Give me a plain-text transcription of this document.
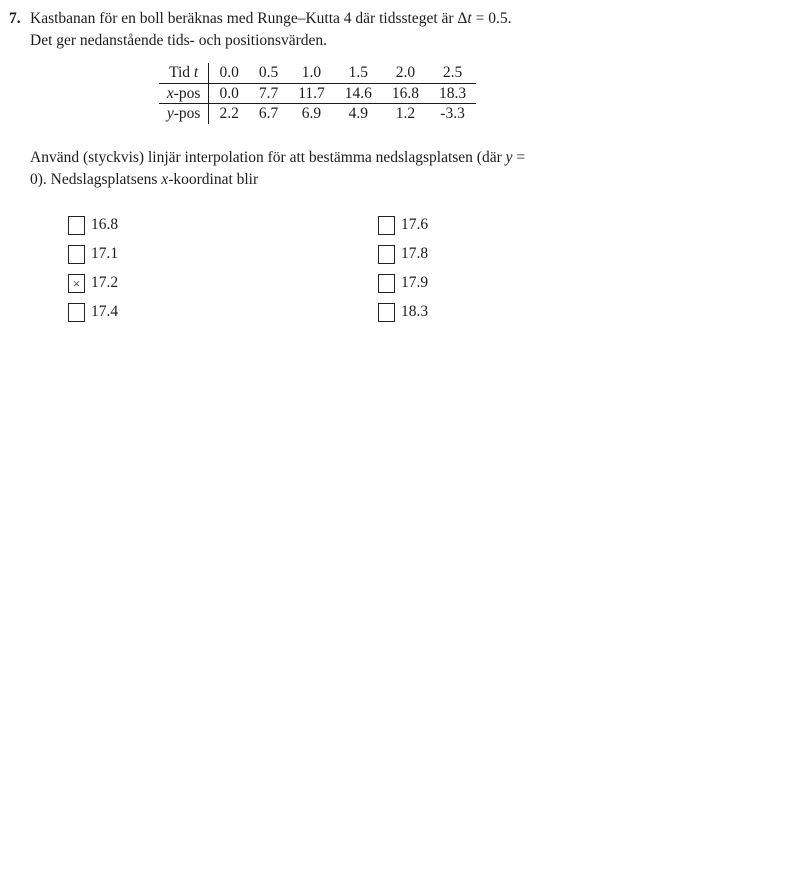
7. Kastbanan för en boll beräknas med Runge–Kutta 4 där tidssteget är Δt = 0.5.
Det ger nedanstående tids- och positionsvärden.
Tid t	0.0	0.5	1.0	1.5	2.0	2.5
x-pos	0.0	7.7	11.7	14.6	16.8	18.3
y-pos	2.2	6.7	6.9	4.9	1.2	-3.3
Använd (styckvis) linjär interpolation för att bestämma nedslagsplatsen (där y =
0). Nedslagsplatsens x-koordinat blir
16.8
17.1
× 17.2
17.4
17.6
17.8
17.9
18.3
